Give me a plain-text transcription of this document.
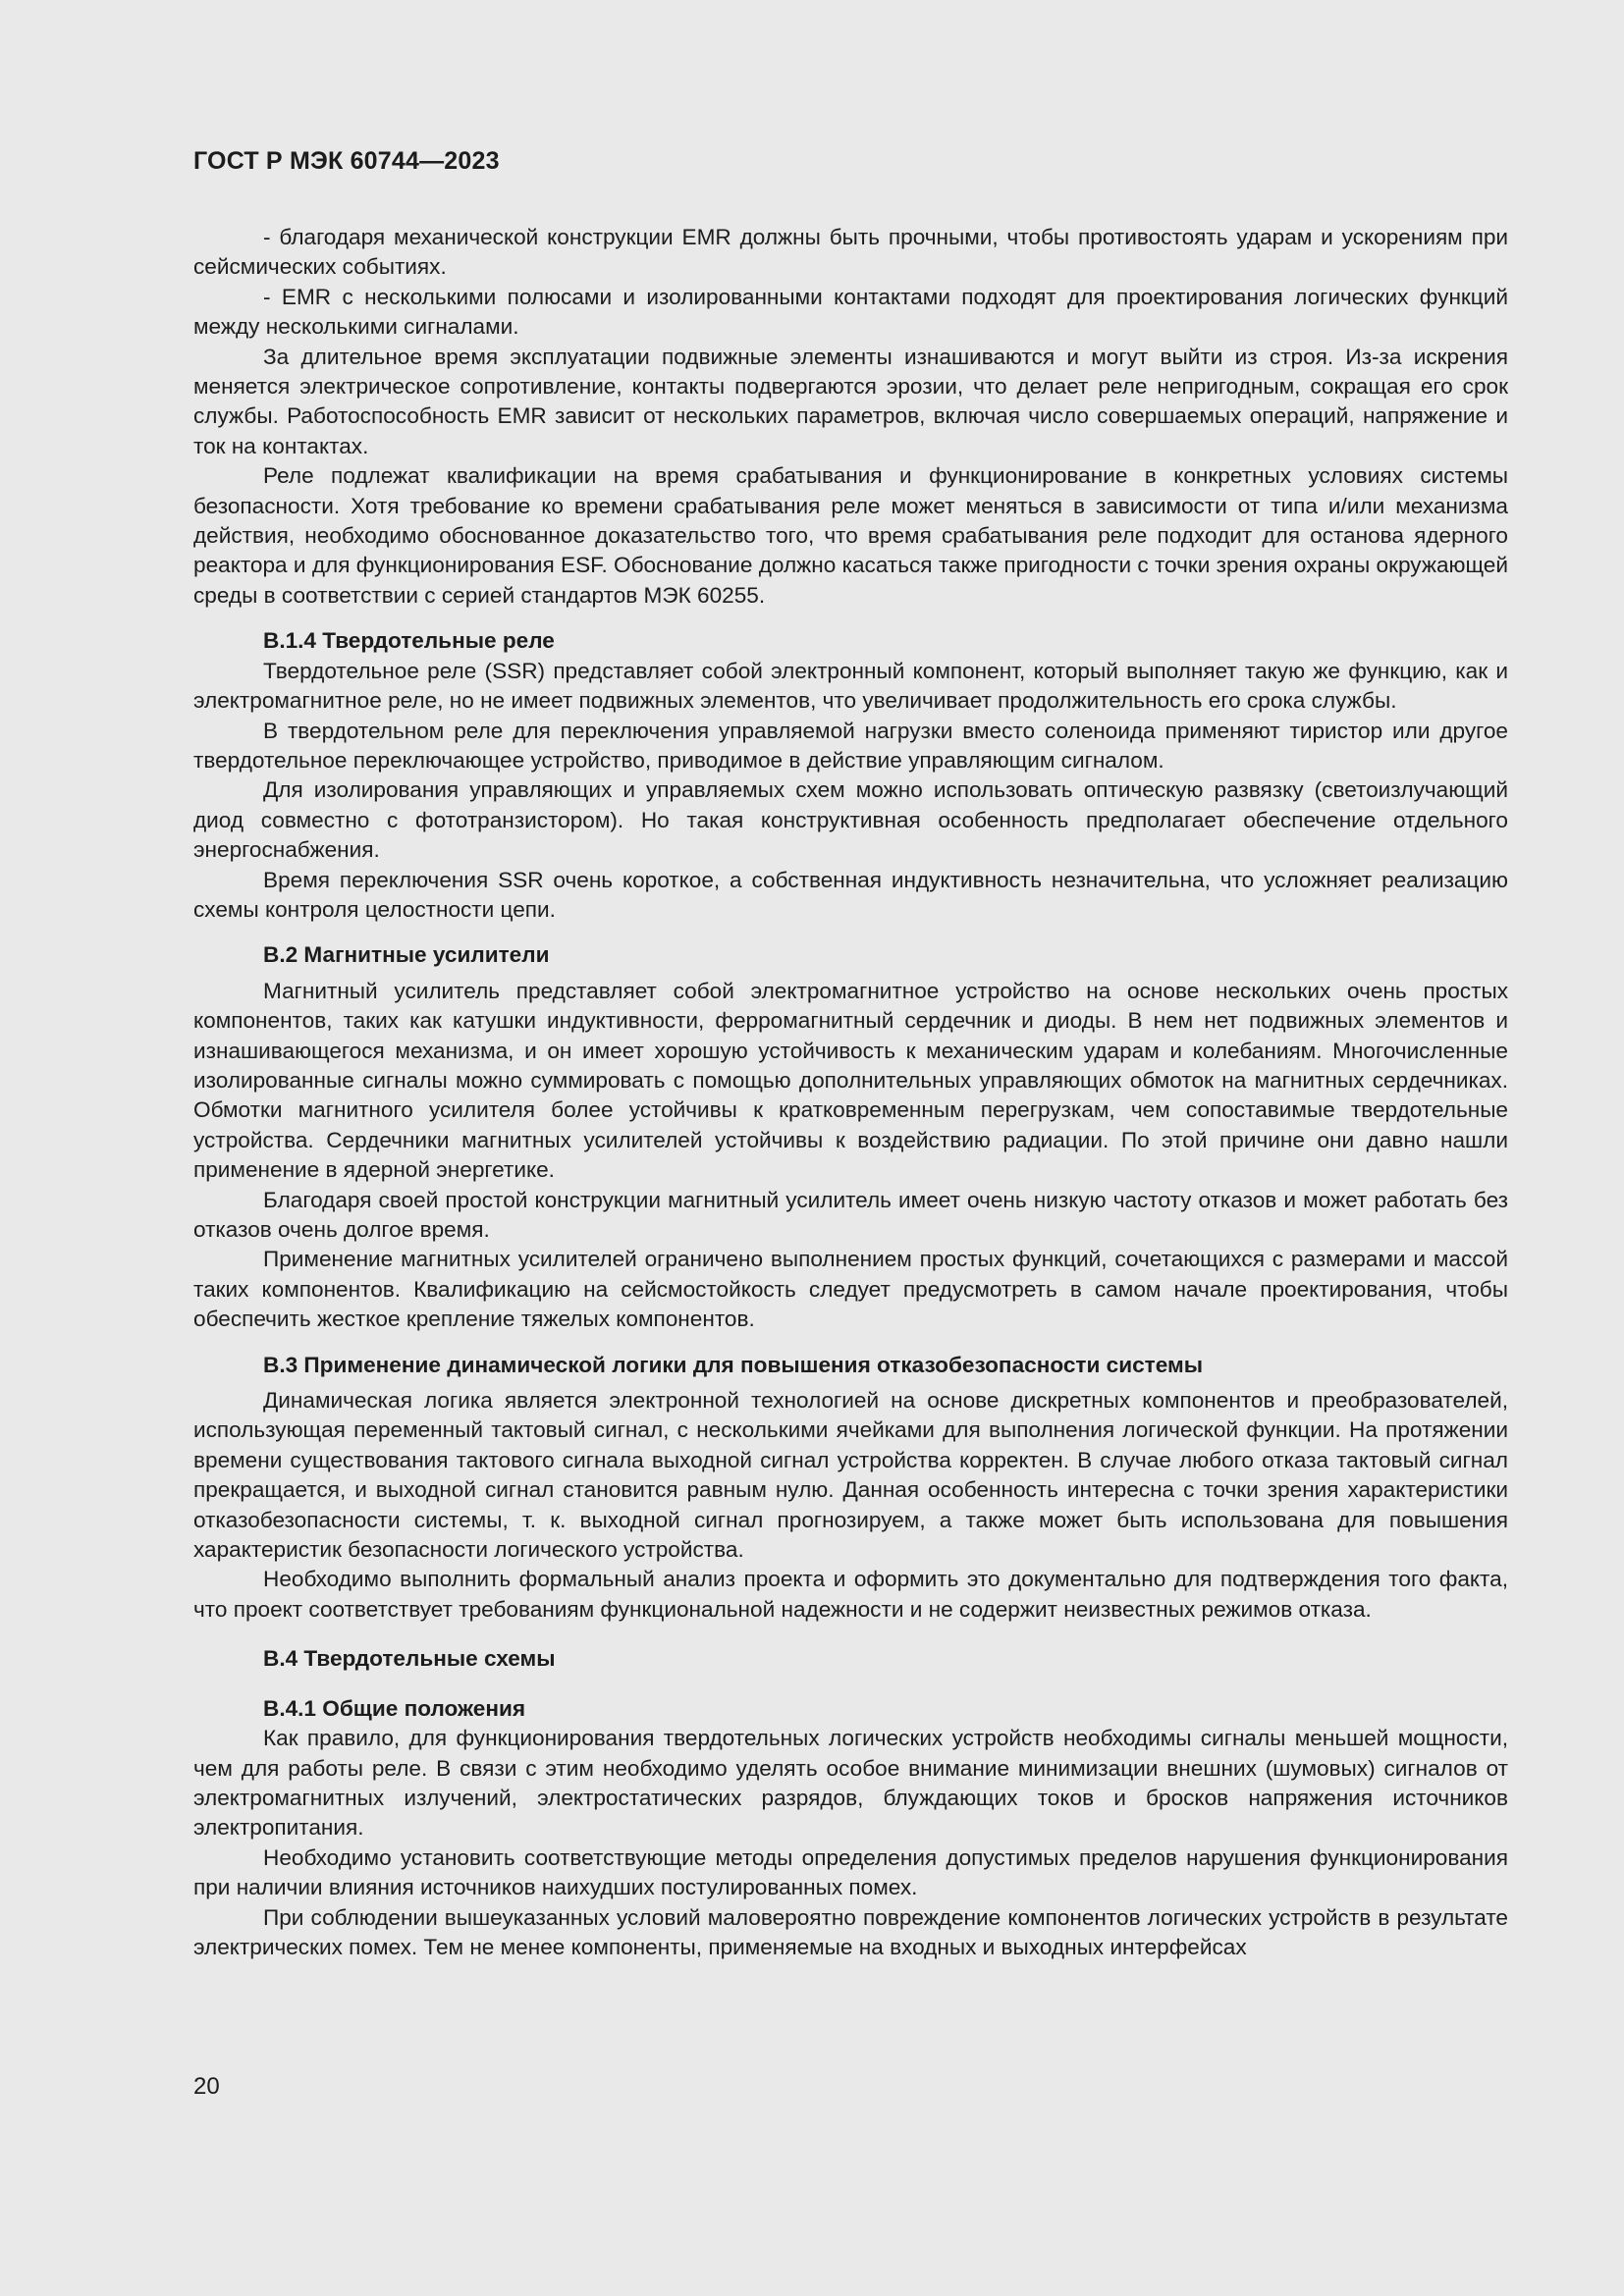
ГОСТ Р МЭК 60744—2023

- благодаря механической конструкции EMR должны быть прочными, чтобы противостоять ударам и ускорениям при сейсмических событиях.

- EMR с несколькими полюсами и изолированными контактами подходят для проектирования логических функций между несколькими сигналами.

За длительное время эксплуатации подвижные элементы изнашиваются и могут выйти из строя. Из-за искрения меняется электрическое сопротивление, контакты подвергаются эрозии, что делает реле непригодным, сокращая его срок службы. Работоспособность EMR зависит от нескольких параметров, включая число совершаемых операций, напряжение и ток на контактах.

Реле подлежат квалификации на время срабатывания и функционирование в конкретных условиях системы безопасности. Хотя требование ко времени срабатывания реле может меняться в зависимости от типа и/или механизма действия, необходимо обоснованное доказательство того, что время срабатывания реле подходит для останова ядерного реактора и для функционирования ESF. Обоснование должно касаться также пригодности с точки зрения охраны окружающей среды в соответствии с серией стандартов МЭК 60255.

В.1.4 Твердотельные реле

Твердотельное реле (SSR) представляет собой электронный компонент, который выполняет такую же функцию, как и электромагнитное реле, но не имеет подвижных элементов, что увеличивает продолжительность его срока службы.

В твердотельном реле для переключения управляемой нагрузки вместо соленоида применяют тиристор или другое твердотельное переключающее устройство, приводимое в действие управляющим сигналом.

Для изолирования управляющих и управляемых схем можно использовать оптическую развязку (светоизлучающий диод совместно с фототранзистором). Но такая конструктивная особенность предполагает обеспечение отдельного энергоснабжения.

Время переключения SSR очень короткое, а собственная индуктивность незначительна, что усложняет реализацию схемы контроля целостности цепи.

В.2 Магнитные усилители

Магнитный усилитель представляет собой электромагнитное устройство на основе нескольких очень простых компонентов, таких как катушки индуктивности, ферромагнитный сердечник и диоды. В нем нет подвижных элементов и изнашивающегося механизма, и он имеет хорошую устойчивость к механическим ударам и колебаниям. Многочисленные изолированные сигналы можно суммировать с помощью дополнительных управляющих обмоток на магнитных сердечниках. Обмотки магнитного усилителя более устойчивы к кратковременным перегрузкам, чем сопоставимые твердотельные устройства. Сердечники магнитных усилителей устойчивы к воздействию радиации. По этой причине они давно нашли применение в ядерной энергетике.

Благодаря своей простой конструкции магнитный усилитель имеет очень низкую частоту отказов и может работать без отказов очень долгое время.

Применение магнитных усилителей ограничено выполнением простых функций, сочетающихся с размерами и массой таких компонентов. Квалификацию на сейсмостойкость следует предусмотреть в самом начале проектирования, чтобы обеспечить жесткое крепление тяжелых компонентов.

В.3 Применение динамической логики для повышения отказобезопасности системы

Динамическая логика является электронной технологией на основе дискретных компонентов и преобразователей, использующая переменный тактовый сигнал, с несколькими ячейками для выполнения логической функции. На протяжении времени существования тактового сигнала выходной сигнал устройства корректен. В случае любого отказа тактовый сигнал прекращается, и выходной сигнал становится равным нулю. Данная особенность интересна с точки зрения характеристики отказобезопасности системы, т. к. выходной сигнал прогнозируем, а также может быть использована для повышения характеристик безопасности логического устройства.

Необходимо выполнить формальный анализ проекта и оформить это документально для подтверждения того факта, что проект соответствует требованиям функциональной надежности и не содержит неизвестных режимов отказа.

В.4 Твердотельные схемы
В.4.1 Общие положения

Как правило, для функционирования твердотельных логических устройств необходимы сигналы меньшей мощности, чем для работы реле. В связи с этим необходимо уделять особое внимание минимизации внешних (шумовых) сигналов от электромагнитных излучений, электростатических разрядов, блуждающих токов и бросков напряжения источников электропитания.

Необходимо установить соответствующие методы определения допустимых пределов нарушения функционирования при наличии влияния источников наихудших постулированных помех.

При соблюдении вышеуказанных условий маловероятно повреждение компонентов логических устройств в результате электрических помех. Тем не менее компоненты, применяемые на входных и выходных интерфейсах

20
